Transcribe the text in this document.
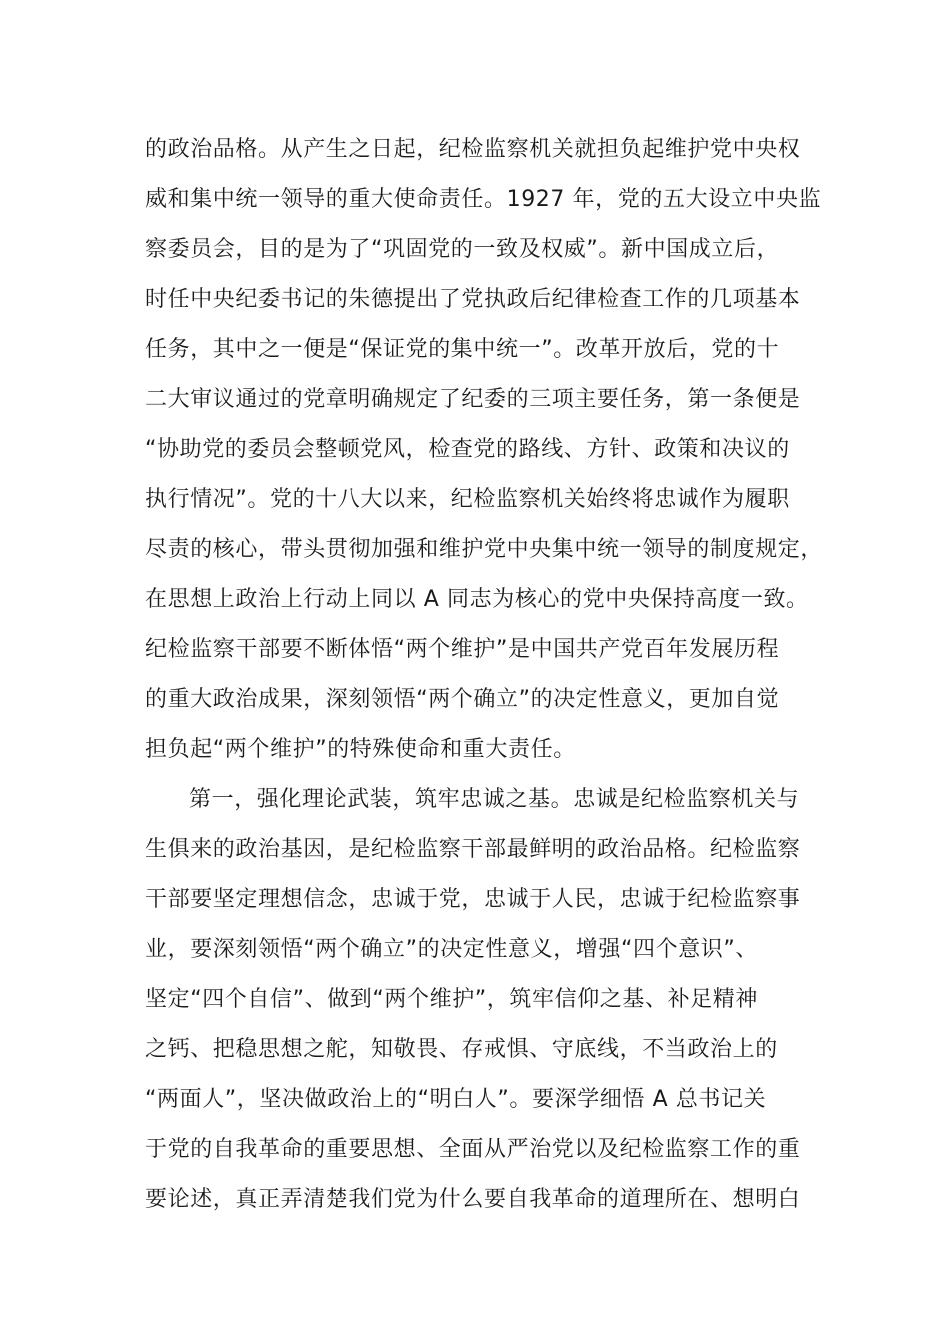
的政治品格。从产生之日起，纪检监察机关就担负起维护党中央权
威和集中统一领导的重大使命责任。1927 年，党的五大设立中央监
察委员会，目的是为了“巩固党的一致及权威”。新中国成立后，
时任中央纪委书记的朱德提出了党执政后纪律检查工作的几项基本
任务，其中之一便是“保证党的集中统一”。改革开放后，党的十
二大审议通过的党章明确规定了纪委的三项主要任务，第一条便是
“协助党的委员会整顿党风，检查党的路线、方针、政策和决议的
执行情况”。党的十八大以来，纪检监察机关始终将忠诚作为履职
尽责的核心，带头贯彻加强和维护党中央集中统一领导的制度规定，
在思想上政治上行动上同以 A 同志为核心的党中央保持高度一致。
纪检监察干部要不断体悟“两个维护”是中国共产党百年发展历程
的重大政治成果，深刻领悟“两个确立”的决定性意义，更加自觉
担负起“两个维护”的特殊使命和重大责任。
第一，强化理论武装，筑牢忠诚之基。忠诚是纪检监察机关与
生俱来的政治基因，是纪检监察干部最鲜明的政治品格。纪检监察
干部要坚定理想信念，忠诚于党，忠诚于人民，忠诚于纪检监察事
业，要深刻领悟“两个确立”的决定性意义，增强“四个意识”、
坚定“四个自信”、做到“两个维护”，筑牢信仰之基、补足精神
之钙、把稳思想之舵，知敬畏、存戒惧、守底线，不当政治上的
“两面人”，坚决做政治上的“明白人”。要深学细悟 A 总书记关
于党的自我革命的重要思想、全面从严治党以及纪检监察工作的重
要论述，真正弄清楚我们党为什么要自我革命的道理所在、想明白
